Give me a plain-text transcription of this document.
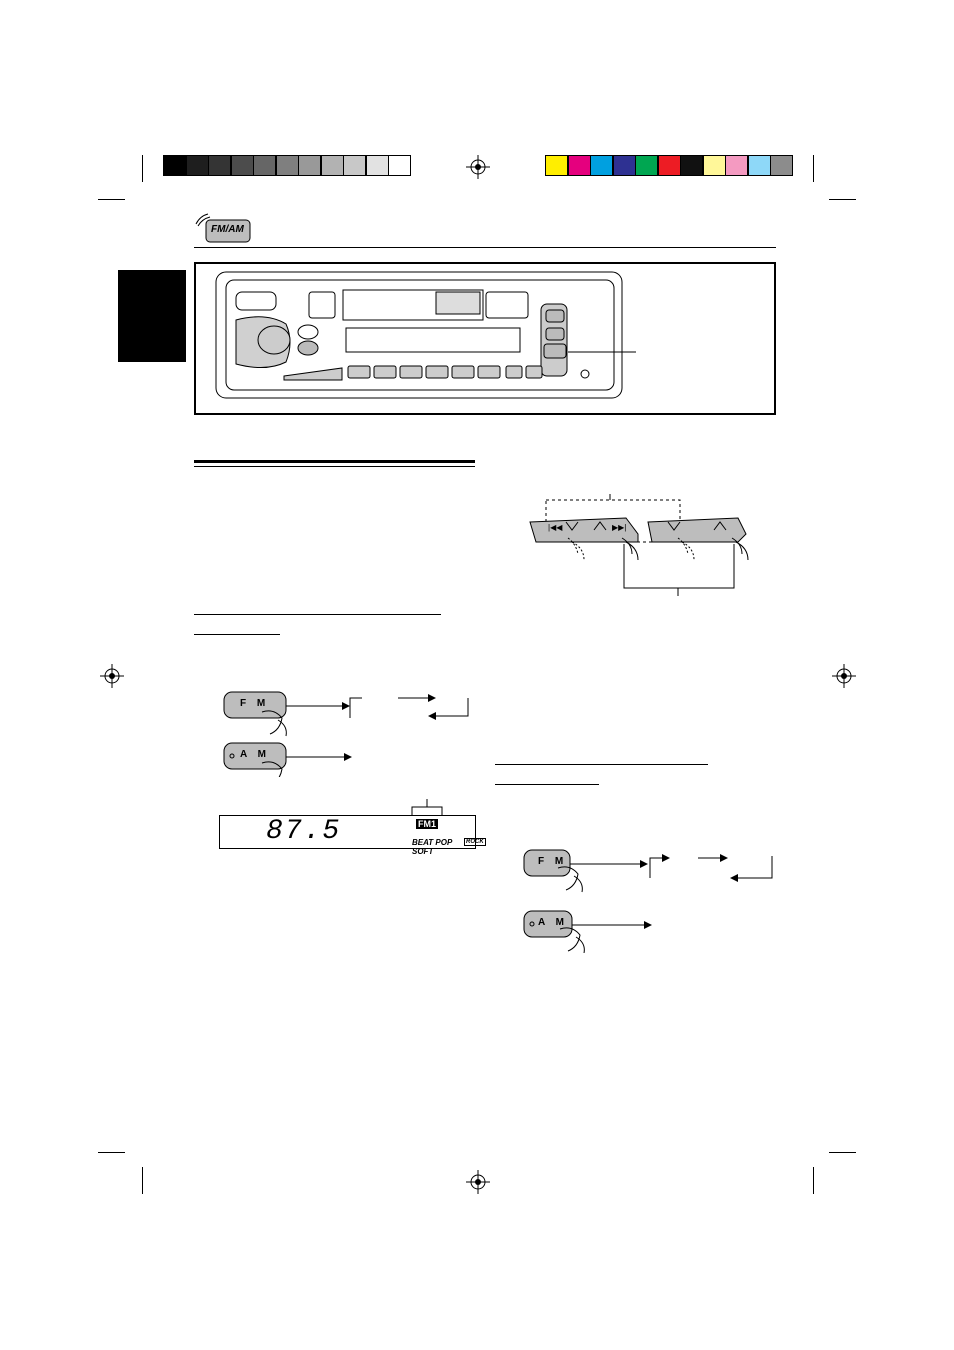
FM/AM
F M
A M
87.5	FM1
BEAT POP SOFT
ROCK
|◀◀	▶▶|
F M
A M
